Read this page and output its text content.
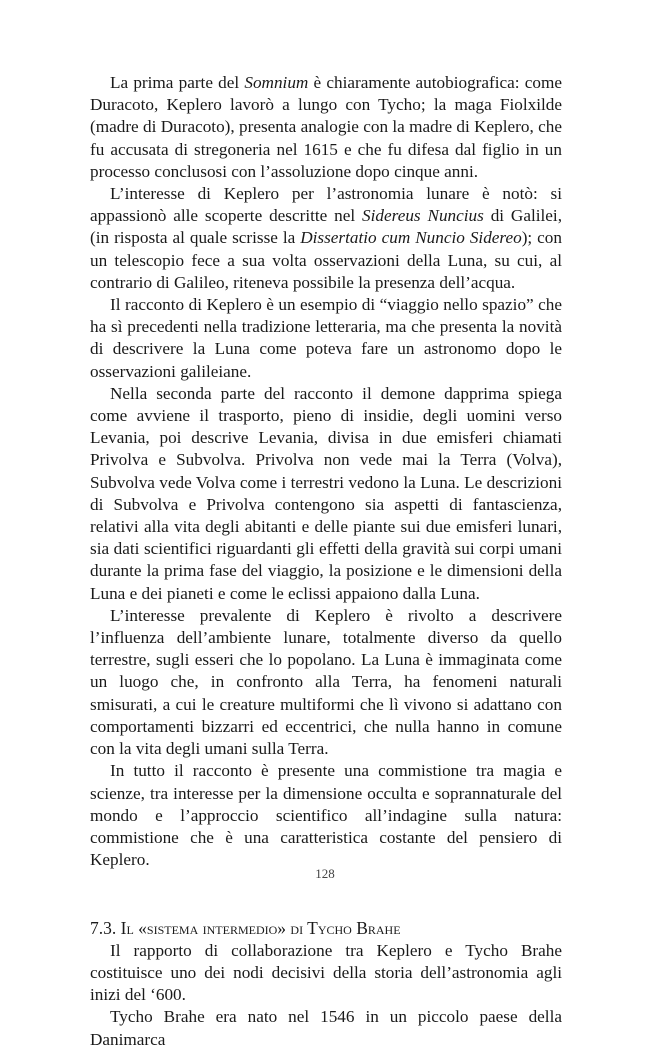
La prima parte del Somnium è chiaramente autobiografica: come Duracoto, Keplero lavorò a lungo con Tycho; la maga Fiolxilde (madre di Duracoto), presenta analogie con la madre di Keplero, che fu accusata di stregoneria nel 1615 e che fu difesa dal figlio in un processo conclusosi con l’assoluzione dopo cinque anni.

L’interesse di Keplero per l’astronomia lunare è notò: si appassionò alle scoperte descritte nel Sidereus Nuncius di Galilei, (in risposta al quale scrisse la Dissertatio cum Nuncio Sidereo); con un telescopio fece a sua volta osservazioni della Luna, su cui, al contrario di Galileo, riteneva possibile la presenza dell’acqua.

Il racconto di Keplero è un esempio di “viaggio nello spazio” che ha sì precedenti nella tradizione letteraria, ma che presenta la novità di descrivere la Luna come poteva fare un astronomo dopo le osservazioni galileiane.

Nella seconda parte del racconto il demone dapprima spiega come avviene il trasporto, pieno di insidie, degli uomini verso Levania, poi descrive Levania, divisa in due emisferi chiamati Privolva e Subvolva. Privolva non vede mai la Terra (Volva), Subvolva vede Volva come i terrestri vedono la Luna. Le descrizioni di Subvolva e Privolva contengono sia aspetti di fantascienza, relativi alla vita degli abitanti e delle piante sui due emisferi lunari, sia dati scientifici riguardanti gli effetti della gravità sui corpi umani durante la prima fase del viaggio, la posizione e le dimensioni della Luna e dei pianeti e come le eclissi appaiono dalla Luna.

L’interesse prevalente di Keplero è rivolto a descrivere l’influenza dell’ambiente lunare, totalmente diverso da quello terrestre, sugli esseri che lo popolano. La Luna è immaginata come un luogo che, in confronto alla Terra, ha fenomeni naturali smisurati, a cui le creature multiformi che lì vivono si adattano con comportamenti bizzarri ed eccentrici, che nulla hanno in comune con la vita degli umani sulla Terra.

In tutto il racconto è presente una commistione tra magia e scienze, tra interesse per la dimensione occulta e soprannaturale del mondo e l’approccio scientifico all’indagine sulla natura: commistione che è una caratteristica costante del pensiero di Keplero.

7.3. Il «sistema intermedio» di Tycho Brahe

Il rapporto di collaborazione tra Keplero e Tycho Brahe costituisce uno dei nodi decisivi della storia dell’astronomia agli inizi del ‘600.

Tycho Brahe era nato nel 1546 in un piccolo paese della Danimarca

128
